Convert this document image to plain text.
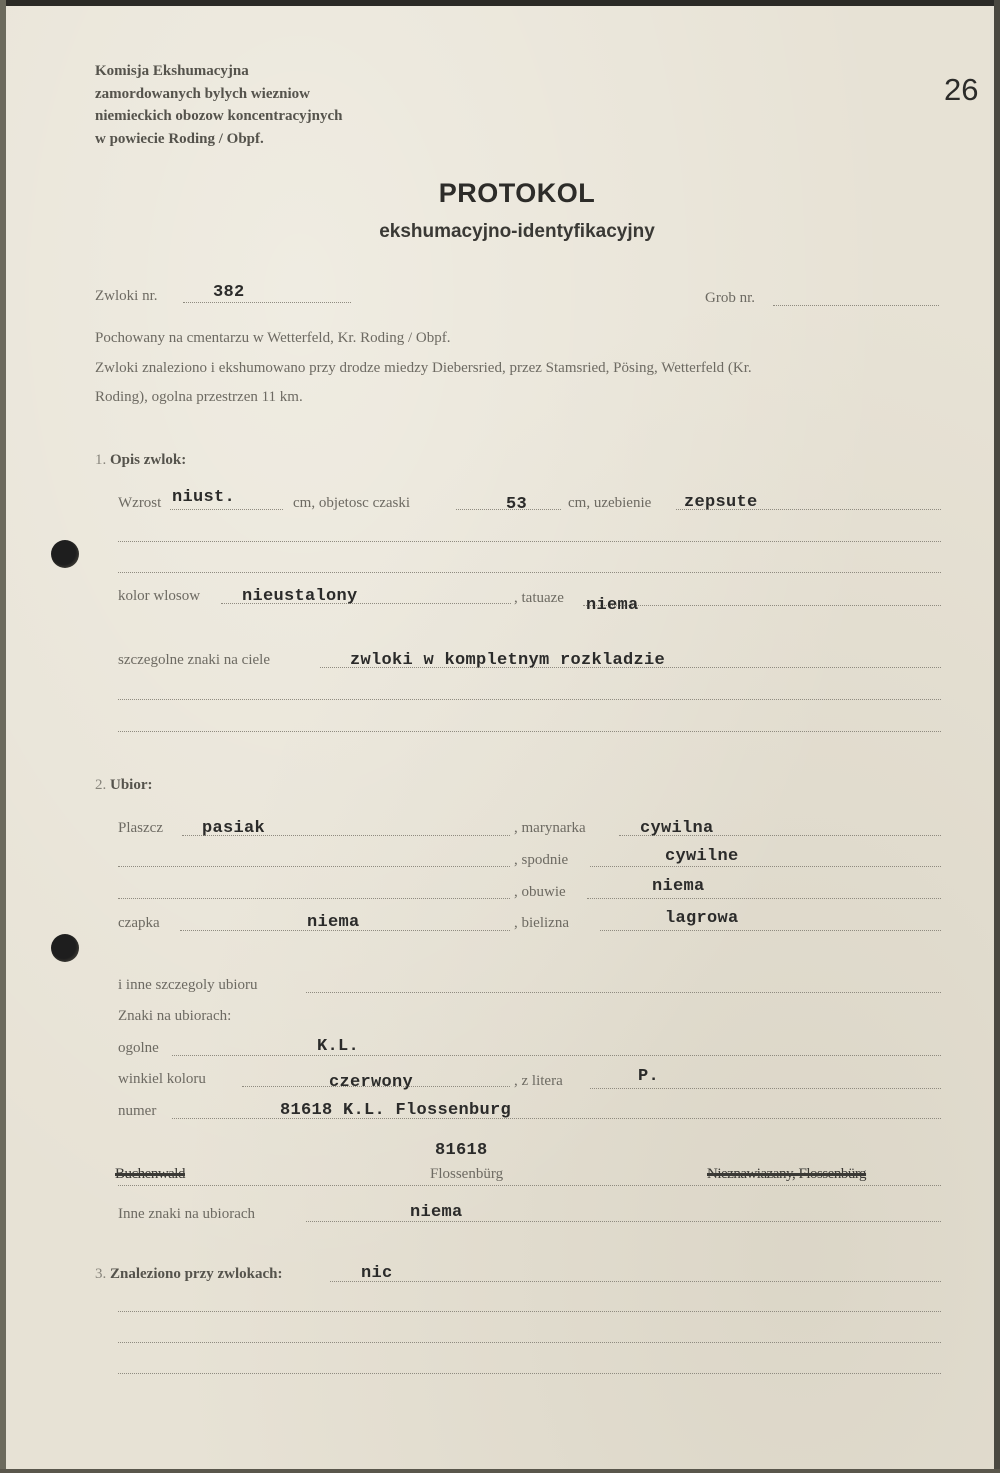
Komisja Ekshumacyjna
zamordowanych bylych wiezniow
niemieckich obozow koncentracyjnych
w powiecie Roding / Obpf.
26
PROTOKOL
ekshumacyjno-identyfikacyjny
Zwloki nr.	382	Grob nr.
Pochowany na cmentarzu w Wetterfeld, Kr. Roding / Obpf.
Zwloki znaleziono i ekshumowano przy drodze miedzy Diebersried, przez Stamsried, Pösing, Wetterfeld (Kr.
Roding), ogolna przestrzen 11 km.
1. Opis zwlok:
Wzrost niust.	cm, objetosc czaski	53	cm, uzebienie zepsute
kolor wlosow nieustalony	, tatuaze niema
szczegolne znaki na ciele	zwloki w kompletnym rozkladzie
2. Ubior:
Plaszcz pasiak	, marynarka	cywilna
, spodnie	cywilne
, obuwie	niema
czapka	niema	, bielizna	lagrowa
i inne szczegoly ubioru
Znaki na ubiorach:
ogolne	K.L.
winkiel koloru	czerwony	, z litera	P.
numer	81618 K.L. Flossenburg
81618
Buchenwald	Flossenbürg	Nieznawiazany, Flossenbürg
Inne znaki na ubiorach	niema
3. Znaleziono przy zwlokach:	nic
